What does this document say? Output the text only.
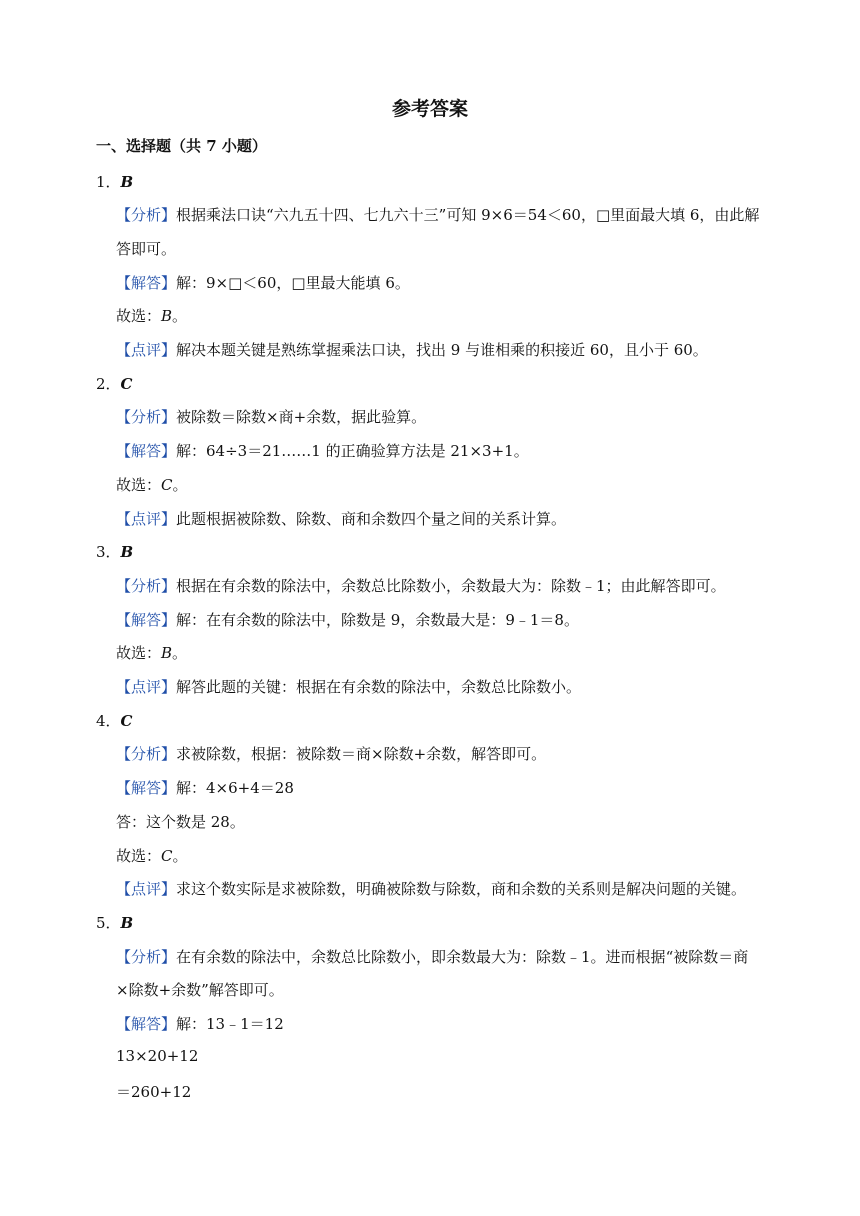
参考答案
一、选择题（共 7 小题）
1．B
【分析】根据乘法口诀“六九五十四、七九六十三”可知 9×6＝54＜60，□里面最大填 6，由此解
答即可。
【解答】解：9×□＜60，□里最大能填 6。
故选：B。
【点评】解决本题关键是熟练掌握乘法口诀，找出 9 与谁相乘的积接近 60，且小于 60。
2．C
【分析】被除数＝除数×商+余数，据此验算。
【解答】解：64÷3＝21……1 的正确验算方法是 21×3+1。
故选：C。
【点评】此题根据被除数、除数、商和余数四个量之间的关系计算。
3．B
【分析】根据在有余数的除法中，余数总比除数小，余数最大为：除数﹣1；由此解答即可。
【解答】解：在有余数的除法中，除数是 9，余数最大是：9﹣1＝8。
故选：B。
【点评】解答此题的关键：根据在有余数的除法中，余数总比除数小。
4．C
【分析】求被除数，根据：被除数＝商×除数+余数，解答即可。
【解答】解：4×6+4＝28
答：这个数是 28。
故选：C。
【点评】求这个数实际是求被除数，明确被除数与除数，商和余数的关系则是解决问题的关键。
5．B
【分析】在有余数的除法中，余数总比除数小，即余数最大为：除数﹣1。进而根据“被除数＝商
×除数+余数”解答即可。
【解答】解：13﹣1＝12
13×20+12
＝260+12
